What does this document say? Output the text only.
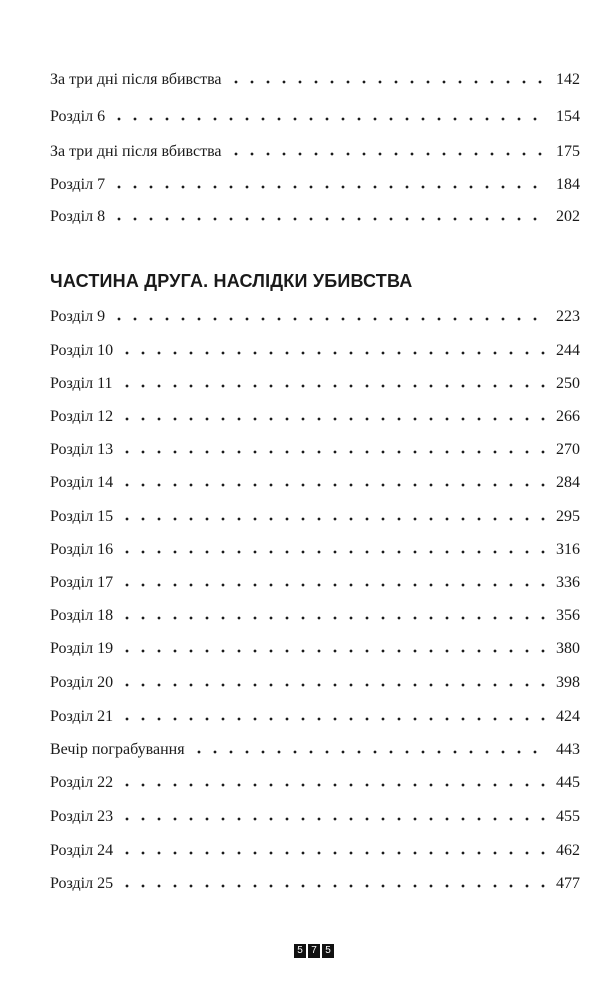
За три дні після вбивства	142
Розділ 6	154
За три дні після вбивства	175
Розділ 7	184
Розділ 8	202
ЧАСТИНА ДРУГА. НАСЛІДКИ УБИВСТВА
Розділ 9	223
Розділ 10	244
Розділ 11	250
Розділ 12	266
Розділ 13	270
Розділ 14	284
Розділ 15	295
Розділ 16	316
Розділ 17	336
Розділ 18	356
Розділ 19	380
Розділ 20	398
Розділ 21	424
Вечір пограбування	443
Розділ 22	445
Розділ 23	455
Розділ 24	462
Розділ 25	477
5 7 5
